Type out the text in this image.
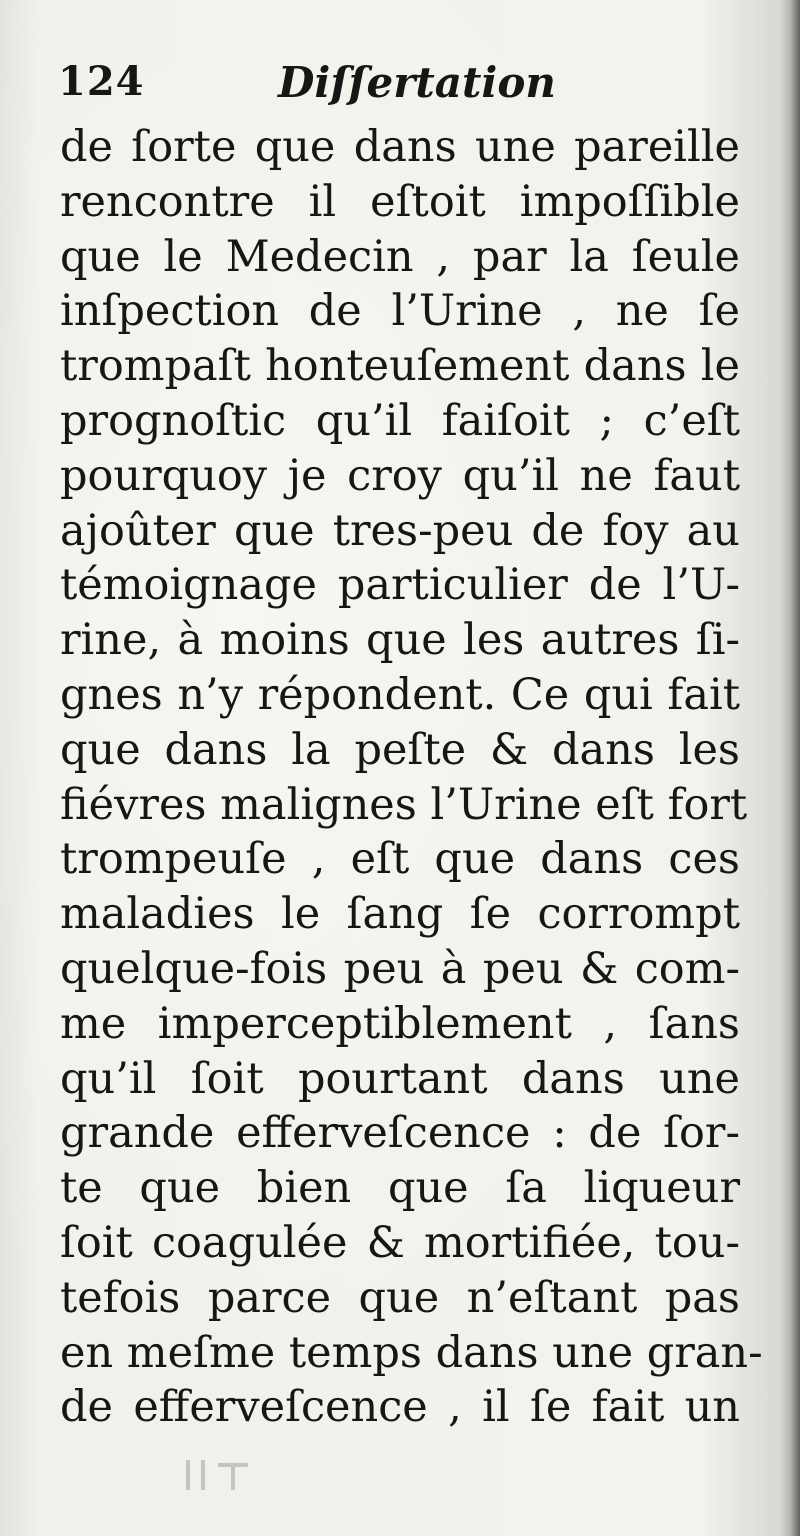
124	Diſſertation
de ſorte que dans une pareille
rencontre il eſtoit impoſſible
que le Medecin , par la ſeule
inſpection de l’Urine , ne ſe
trompaſt honteuſement dans le
prognoſtic qu’il faiſoit ; c’eſt
pourquoy je croy qu’il ne faut
ajoûter que tres-peu de foy au
témoignage particulier de l’U-
rine, à moins que les autres ſi-
gnes n’y répondent. Ce qui fait
que dans la peſte & dans les
fiévres malignes l’Urine eſt fort
trompeuſe , eſt que dans ces
maladies le ſang ſe corrompt
quelque-fois peu à peu & com-
me imperceptiblement , ſans
qu’il ſoit pourtant dans une
grande efferveſcence : de ſor-
te que bien que ſa liqueur
ſoit coagulée & mortifiée, tou-
tefois parce que n’eſtant pas
en meſme temps dans une gran-
de efferveſcence , il ſe fait un
